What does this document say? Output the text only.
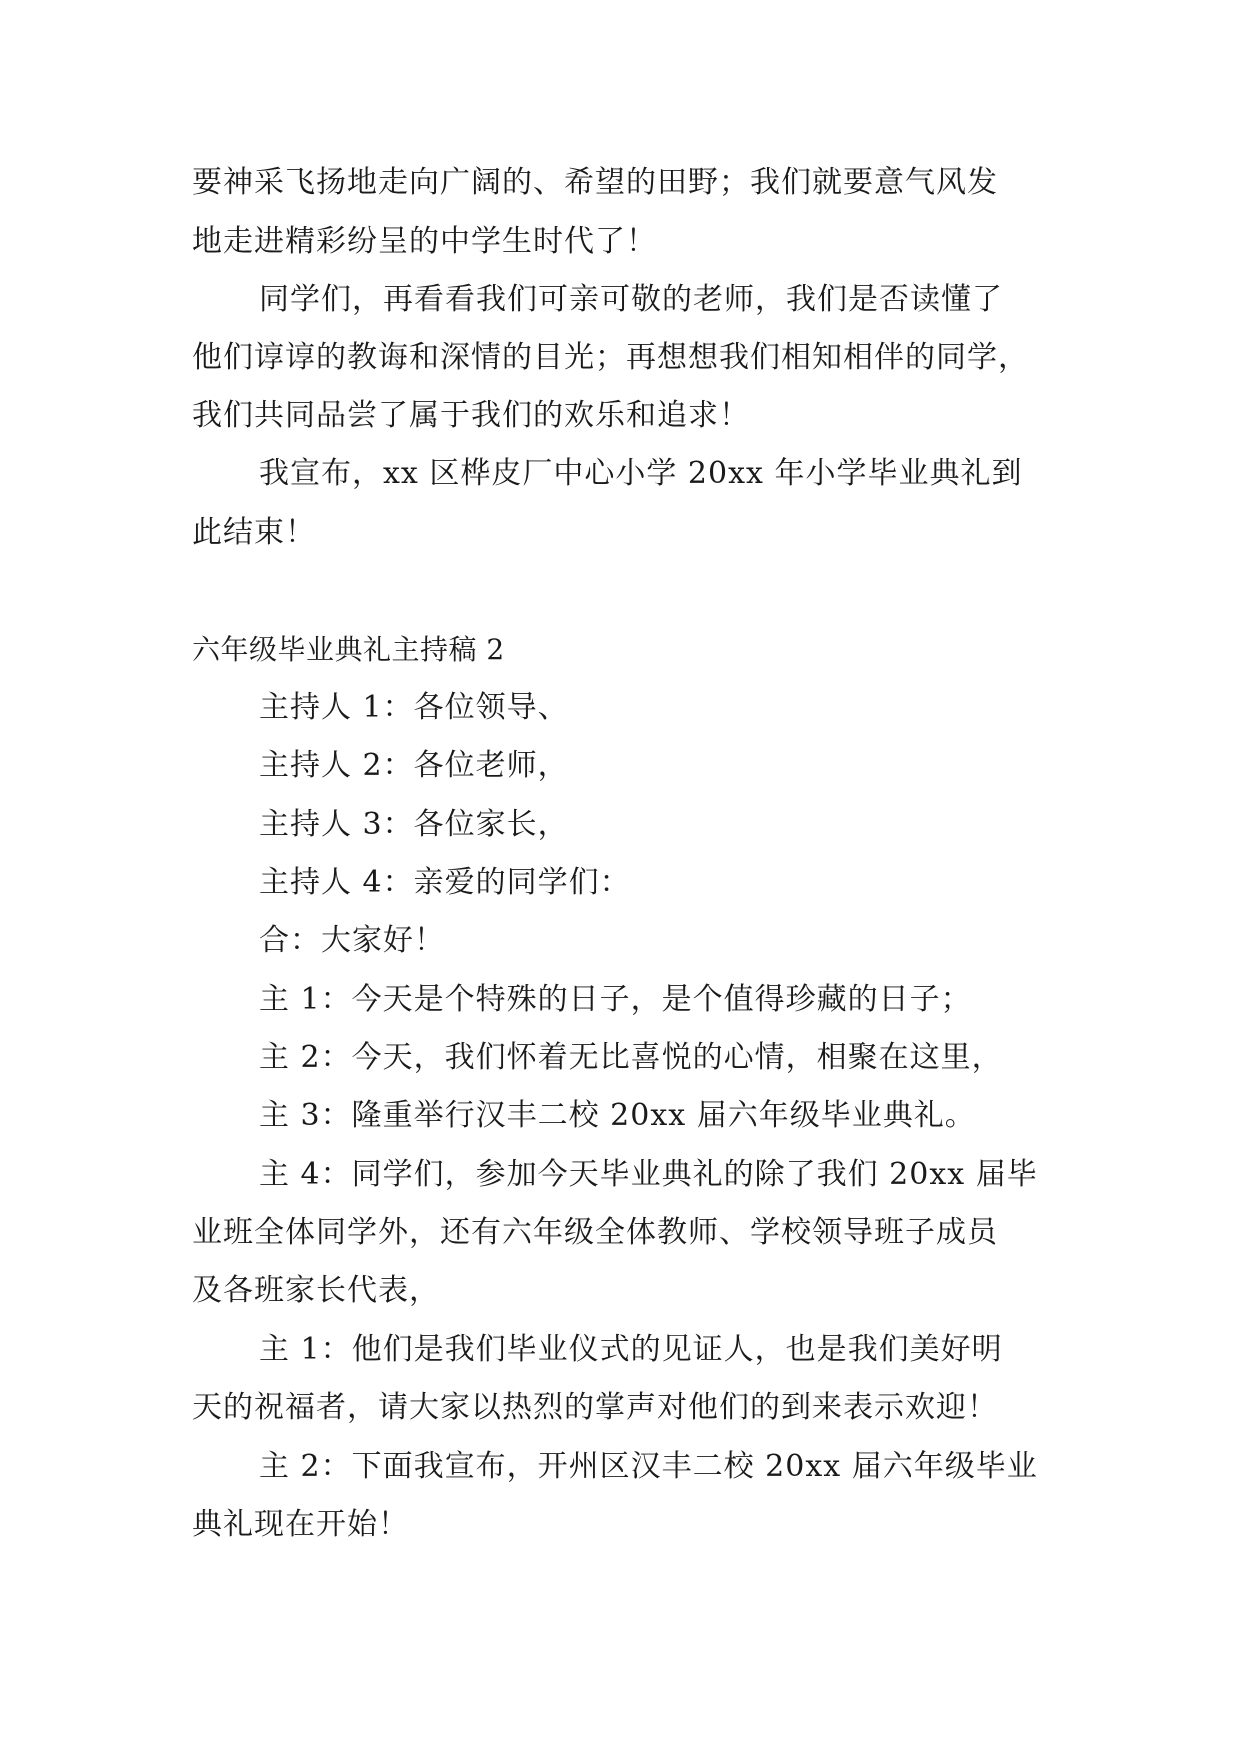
要神采飞扬地走向广阔的、希望的田野；我们就要意气风发
地走进精彩纷呈的中学生时代了！
同学们，再看看我们可亲可敬的老师，我们是否读懂了
他们谆谆的教诲和深情的目光；再想想我们相知相伴的同学，
我们共同品尝了属于我们的欢乐和追求！
我宣布，xx 区桦皮厂中心小学 20xx 年小学毕业典礼到
此结束！
六年级毕业典礼主持稿 2
主持人 1：各位领导、
主持人 2：各位老师，
主持人 3：各位家长，
主持人 4：亲爱的同学们：
合：大家好！
主 1：今天是个特殊的日子，是个值得珍藏的日子；
主 2：今天，我们怀着无比喜悦的心情，相聚在这里，
主 3：隆重举行汉丰二校 20xx 届六年级毕业典礼。
主 4：同学们，参加今天毕业典礼的除了我们 20xx 届毕
业班全体同学外，还有六年级全体教师、学校领导班子成员
及各班家长代表，
主 1：他们是我们毕业仪式的见证人，也是我们美好明
天的祝福者，请大家以热烈的掌声对他们的到来表示欢迎！
主 2：下面我宣布，开州区汉丰二校 20xx 届六年级毕业
典礼现在开始！
